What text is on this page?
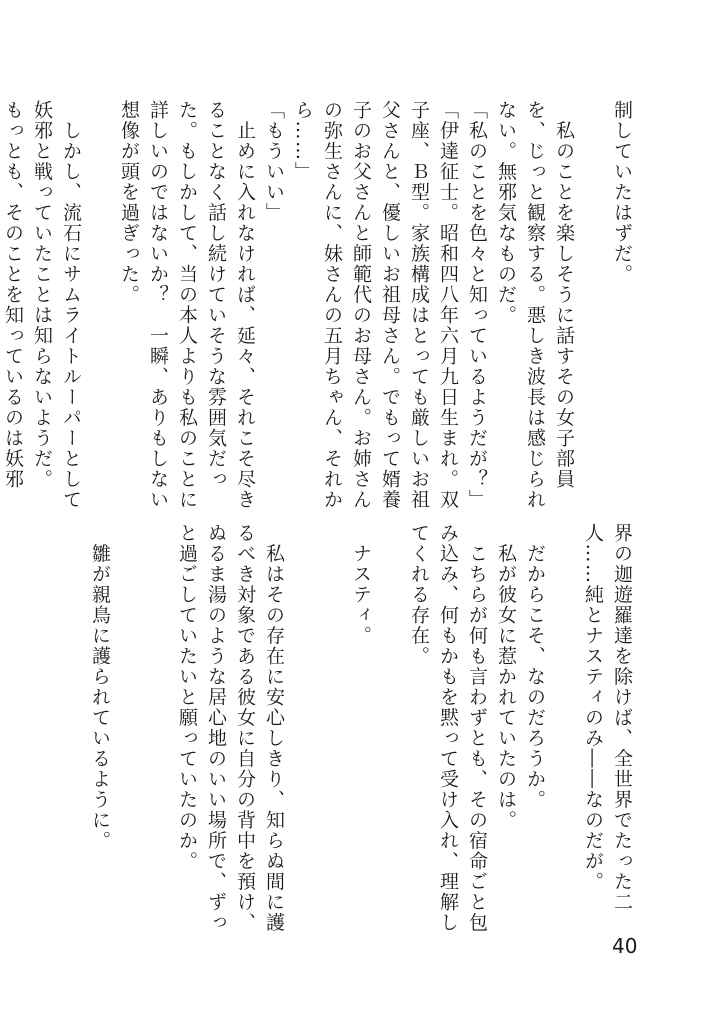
制していたはずだ。

　私のことを楽しそうに話すその女子部員
を、じっと観察する。悪しき波長は感じられ
ない。無邪気なものだ。
「私のことを色々と知っているようだが？」
「伊達征士。昭和四八年六月九日生まれ。双
子座、Ｂ型。家族構成はとっても厳しいお祖
父さんと、優しいお祖母さん。でもって婿養
子のお父さんと師範代のお母さん。お姉さん
の弥生さんに、妹さんの五月ちゃん、それか
ら……」
「もういい」
　止めに入れなければ、延々、それこそ尽き
ることなく話し続けていそうな雰囲気だっ
た。もしかして、当の本人よりも私のことに
詳しいのではないか？　一瞬、ありもしない
想像が頭を過ぎった。

　しかし、流石にサムライトルーパーとして
妖邪と戦っていたことは知らないようだ。
もっとも、そのことを知っているのは妖邪
界の迦遊羅達を除けば、全世界でたった二
人……純とナスティのみ――なのだが。

　だからこそ、なのだろうか。
　私が彼女に惹かれていたのは。
　こちらが何も言わずとも、その宿命ごと包
み込み、何もかもを黙って受け入れ、理解し
てくれる存在。

　ナスティ。

　私はその存在に安心しきり、知らぬ間に護
るべき対象である彼女に自分の背中を預け、
ぬるま湯のような居心地のいい場所で、ずっ
と過ごしていたいと願っていたのか。

　雛が親鳥に護られているように。
40
